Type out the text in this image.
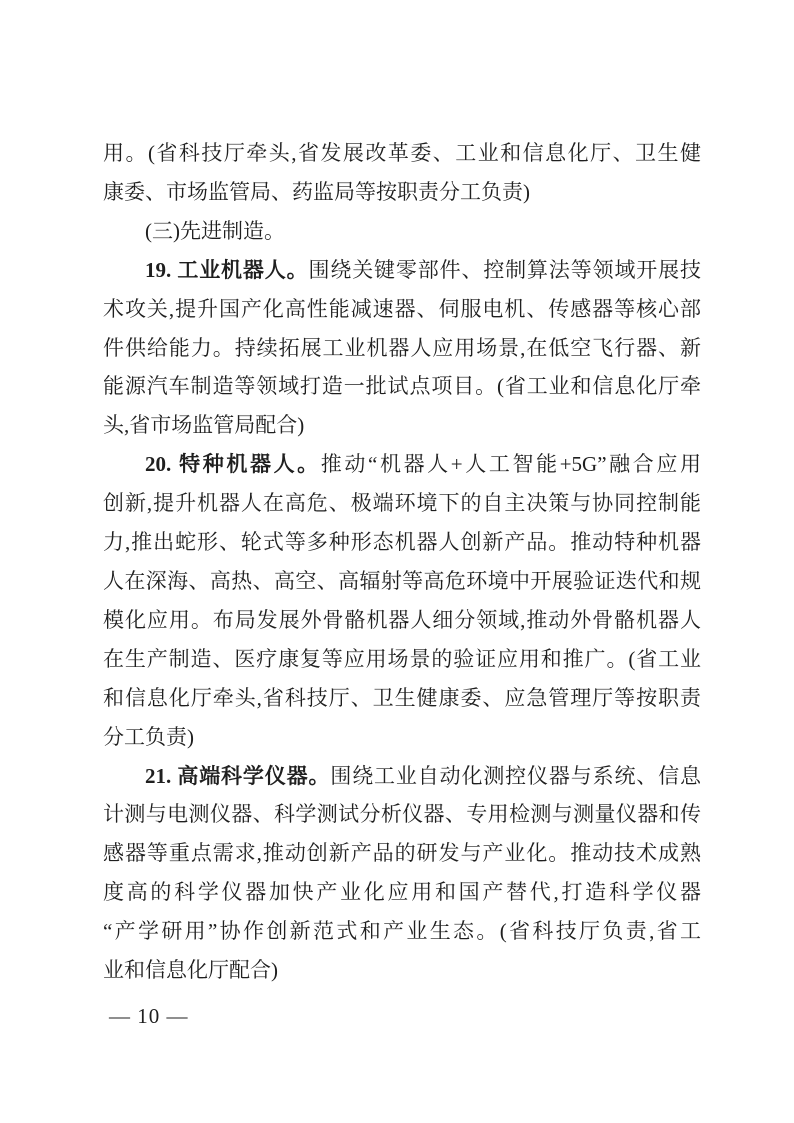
用。(省科技厅牵头,省发展改革委、工业和信息化厅、卫生健
康委、市场监管局、药监局等按职责分工负责)
(三)先进制造。
19. 工业机器人。围绕关键零部件、控制算法等领域开展技
术攻关,提升国产化高性能减速器、伺服电机、传感器等核心部
件供给能力。持续拓展工业机器人应用场景,在低空飞行器、新
能源汽车制造等领域打造一批试点项目。(省工业和信息化厅牵
头,省市场监管局配合)
20. 特种机器人。推动“机器人+人工智能+5G”融合应用
创新,提升机器人在高危、极端环境下的自主决策与协同控制能
力,推出蛇形、轮式等多种形态机器人创新产品。推动特种机器
人在深海、高热、高空、高辐射等高危环境中开展验证迭代和规
模化应用。布局发展外骨骼机器人细分领域,推动外骨骼机器人
在生产制造、医疗康复等应用场景的验证应用和推广。(省工业
和信息化厅牵头,省科技厅、卫生健康委、应急管理厅等按职责
分工负责)
21. 高端科学仪器。围绕工业自动化测控仪器与系统、信息
计测与电测仪器、科学测试分析仪器、专用检测与测量仪器和传
感器等重点需求,推动创新产品的研发与产业化。推动技术成熟
度高的科学仪器加快产业化应用和国产替代,打造科学仪器
“产学研用”协作创新范式和产业生态。(省科技厅负责,省工
业和信息化厅配合)
— 10 —
